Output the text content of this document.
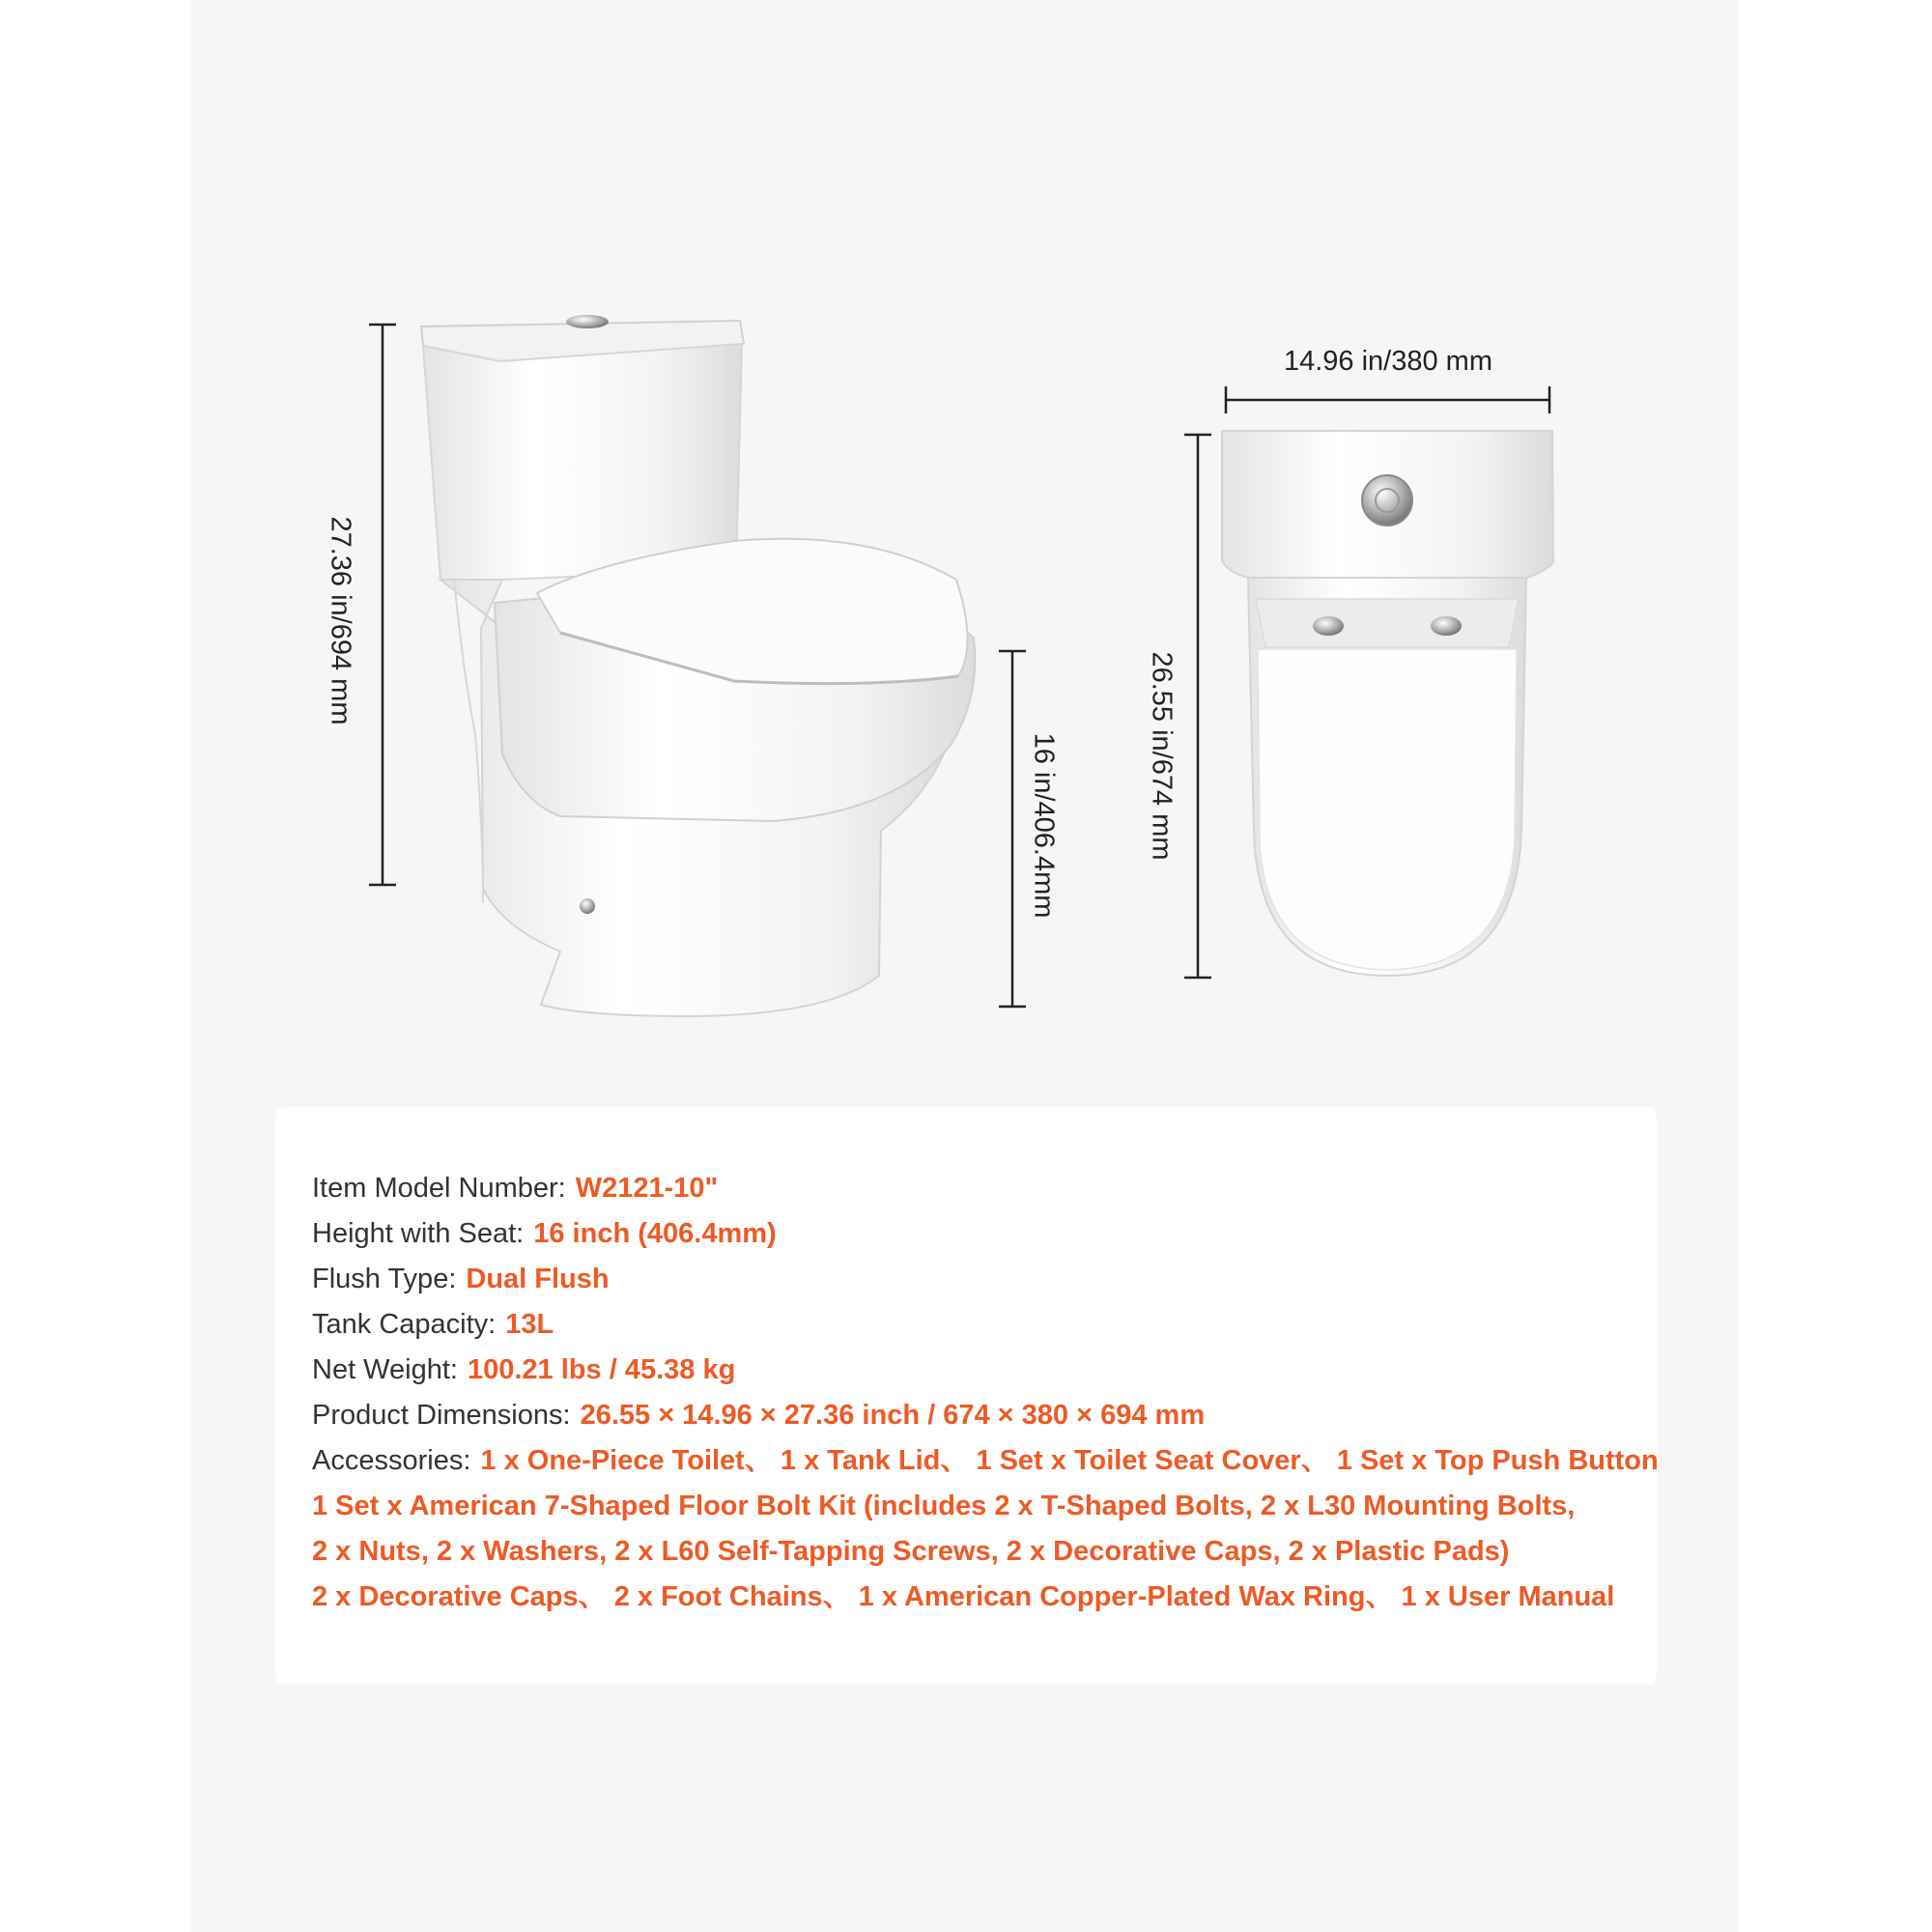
27.36 in/694 mm
16 in/406.4mm
14.96 in/380 mm
26.55 in/674 mm
Item Model Number: W2121-10"
Height with Seat: 16 inch (406.4mm)
Flush Type: Dual Flush
Tank Capacity: 13L
Net Weight: 100.21 lbs / 45.38 kg
Product Dimensions: 26.55 × 14.96 × 27.36 inch / 674 × 380 × 694 mm
Accessories: 1 x One-Piece Toilet、 1 x Tank Lid、 1 Set x Toilet Seat Cover、 1 Set x Top Push Button
1 Set x American 7-Shaped Floor Bolt Kit (includes 2 x T-Shaped Bolts, 2 x L30 Mounting Bolts,
2 x Nuts, 2 x Washers, 2 x L60 Self-Tapping Screws, 2 x Decorative Caps, 2 x Plastic Pads)
2 x Decorative Caps、 2 x Foot Chains、 1 x American Copper-Plated Wax Ring、 1 x User Manual
